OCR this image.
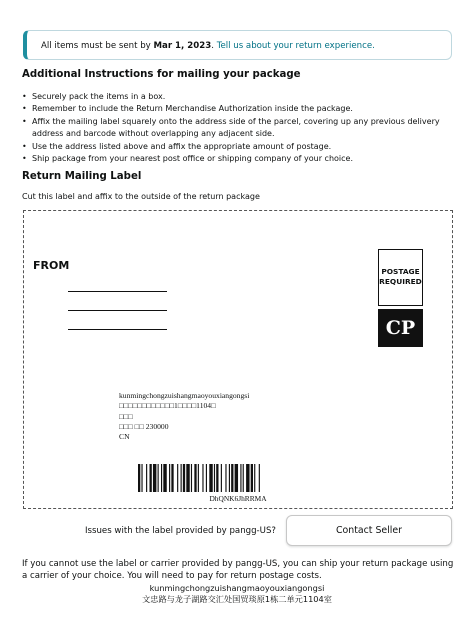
All items must be sent by Mar 1, 2023. Tell us about your return experience.
Additional Instructions for mailing your package
• Securely pack the items in a box.
• Remember to include the Return Merchandise Authorization inside the package.
• Affix the mailing label squarely onto the address side of the parcel, covering up any previous delivery address and barcode without overlapping any adjacent side.
• Use the address listed above and affix the appropriate amount of postage.
• Ship package from your nearest post office or shipping company of your choice.
Return Mailing Label
Cut this label and affix to the outside of the return package
FROM	POSTAGE
REQUIRED
CP
kunmingchongzuishangmaoyouxiangongsi
□□□□□□□□□□□□1□□□□1104□
□□□
□□□ □□ 230000
CN
DhQNK6JhRRMA
Issues with the label provided by pangg-US?	Contact Seller
If you cannot use the label or carrier provided by pangg-US, you can ship your return package using a carrier of your choice. You will need to pay for return postage costs.
kunmingchongzuishangmaoyouxiangongsi
文忠路与龙子湖路交汇处国贸琰原1栋二单元1104室
